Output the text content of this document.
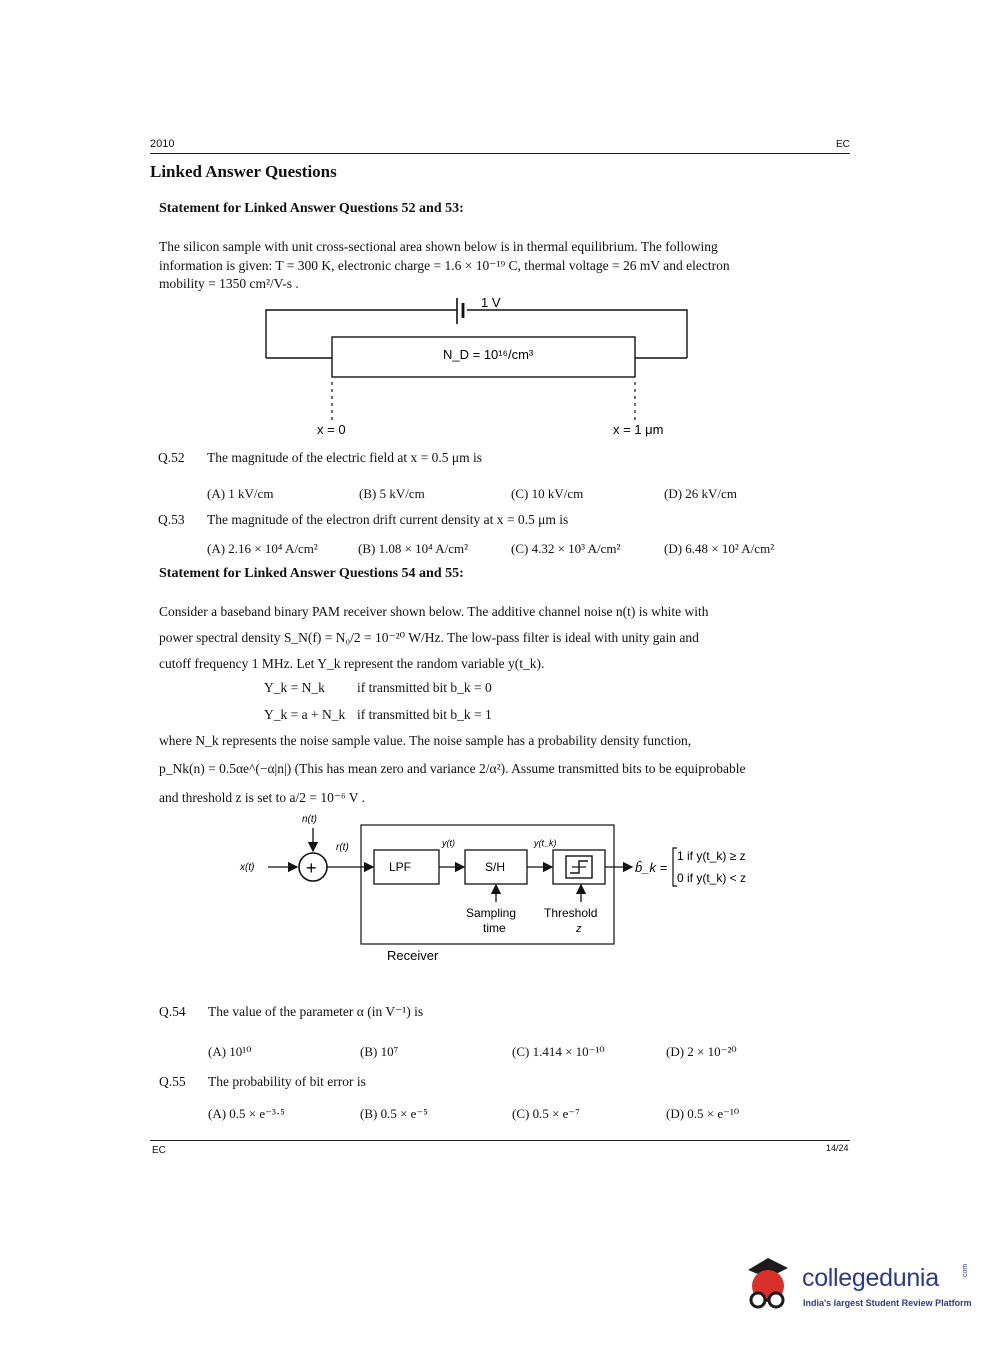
2010	EC
Linked Answer Questions
Statement for Linked Answer Questions 52 and 53:
The silicon sample with unit cross-sectional area shown below is in thermal equilibrium. The following
information is given: T = 300 K, electronic charge = 1.6 × 10⁻¹⁹ C, thermal voltage = 26 mV and electron
mobility = 1350 cm²/V-s .
1 V
N_D = 10¹⁶/cm³
x = 0	x = 1 μm
Q.52 The magnitude of the electric field at x = 0.5 μm is
(A) 1 kV/cm	(B) 5 kV/cm	(C) 10 kV/cm	(D) 26 kV/cm
Q.53 The magnitude of the electron drift current density at x = 0.5 μm is
(A) 2.16 × 10⁴ A/cm²	(B) 1.08 × 10⁴ A/cm²	(C) 4.32 × 10³ A/cm²	(D) 6.48 × 10² A/cm²
Statement for Linked Answer Questions 54 and 55:
Consider a baseband binary PAM receiver shown below. The additive channel noise n(t) is white with
power spectral density S_N(f) = N₀/2 = 10⁻²⁰ W/Hz. The low-pass filter is ideal with unity gain and
cutoff frequency 1 MHz. Let Y_k represent the random variable y(t_k).
Y_k = N_k if transmitted bit b_k = 0
Y_k = a + N_k if transmitted bit b_k = 1
where N_k represents the noise sample value. The noise sample has a probability density function,
p_Nk(n) = 0.5αe^(−α|n|) (This has mean zero and variance 2/α²). Assume transmitted bits to be equiprobable
and threshold z is set to a/2 = 10⁻⁶ V .
x(t)	+
n(t)
r(t)
Receiver
LPF
y(t)
S/H
Sampling
time
y(t_k)
Threshold
z
b̂_k =
1 if y(t_k) ≥ z
0 if y(t_k) < z
Q.54 The value of the parameter α (in V⁻¹) is
(A) 10¹⁰	(B) 10⁷	(C) 1.414 × 10⁻¹⁰	(D) 2 × 10⁻²⁰
Q.55 The probability of bit error is
(A) 0.5 × e⁻³·⁵	(B) 0.5 × e⁻⁵	(C) 0.5 × e⁻⁷	(D) 0.5 × e⁻¹⁰
EC	14/24
collegedunia	.com
India's largest Student Review Platform
